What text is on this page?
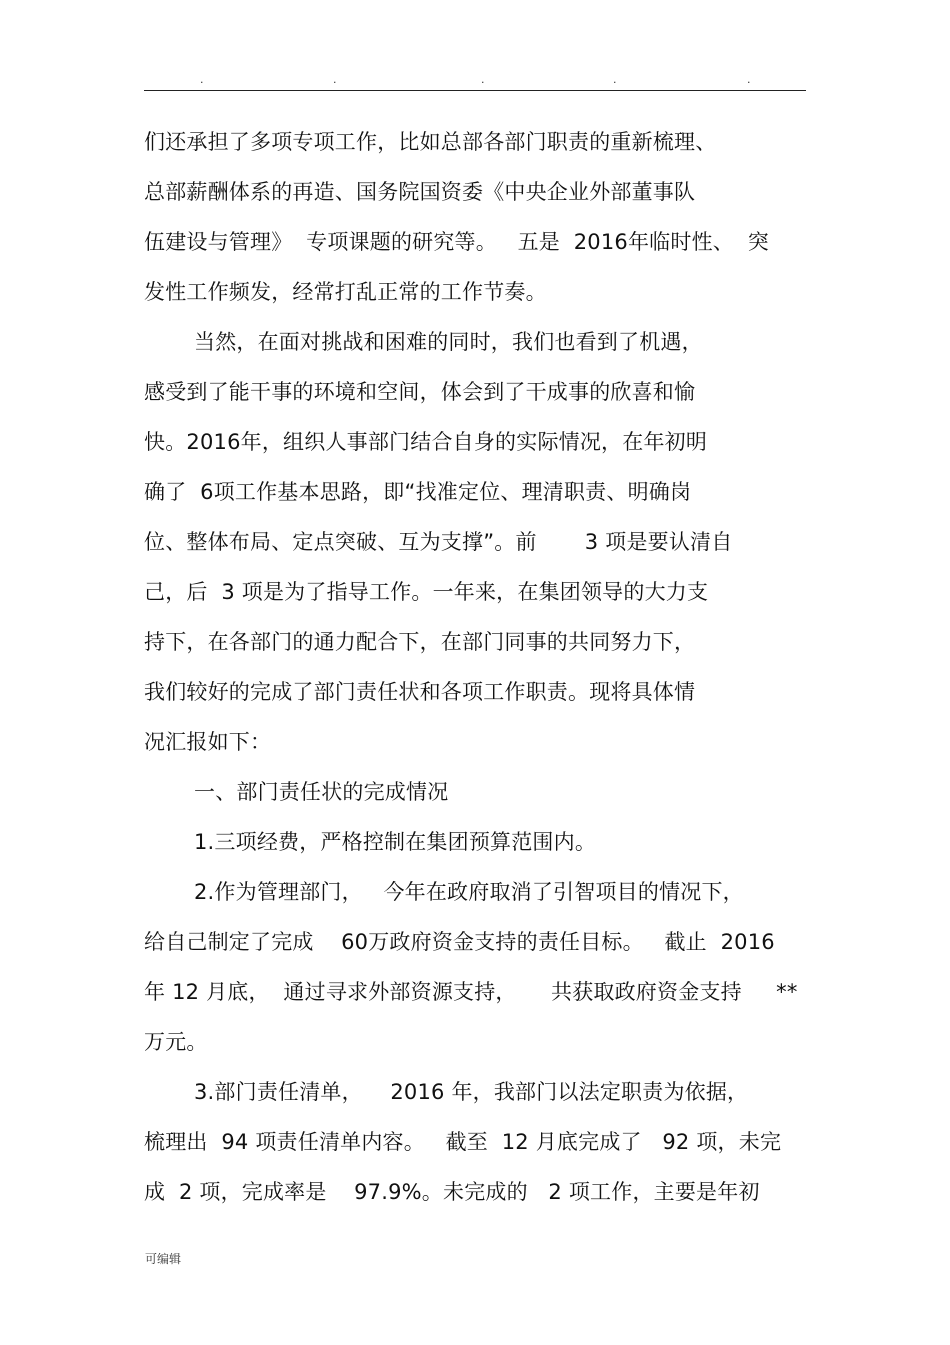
.	.	.	.	.
们还承担了多项专项工作，比如总部各部门职责的重新梳理、
总部薪酬体系的再造、国务院国资委《中央企业外部董事队
伍建设与管理》  专项课题的研究等。   五是  2016年临时性、  突
发性工作频发，经常打乱正常的工作节奏。
当然，在面对挑战和困难的同时，我们也看到了机遇，
感受到了能干事的环境和空间，体会到了干成事的欣喜和愉
快。2016年，组织人事部门结合自身的实际情况，在年初明
确了  6项工作基本思路，即“找准定位、理清职责、明确岗
位、整体布局、定点突破、互为支撑”。前       3 项是要认清自
己，后  3 项是为了指导工作。一年来，在集团领导的大力支
持下，在各部门的通力配合下，在部门同事的共同努力下，
我们较好的完成了部门责任状和各项工作职责。现将具体情
况汇报如下：
一、部门责任状的完成情况
1.三项经费，严格控制在集团预算范围内。
2.作为管理部门，   今年在政府取消了引智项目的情况下，
给自己制定了完成    60万政府资金支持的责任目标。   截止  2016
年 12 月底，  通过寻求外部资源支持，     共获取政府资金支持     **
万元。
3.部门责任清单，    2016 年，我部门以法定职责为依据，
梳理出  94 项责任清单内容。   截至  12 月底完成了   92 项，未完
成  2 项，完成率是    97.9%。未完成的   2 项工作，主要是年初
可编辑
